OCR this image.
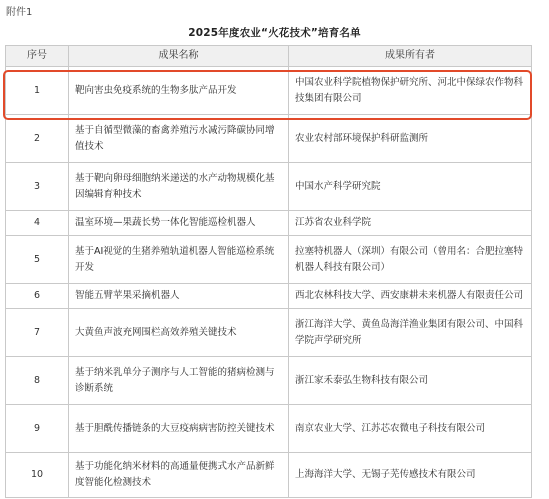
附件1
2025年度农业“火花技术”培育名单
序号	成果名称	成果所有者
1	靶向害虫免疫系统的生物多肽产品开发	中国农业科学院植物保护研究所、河北中保绿农作物科技集团有限公司
2	基于自循型微藻的畜禽养殖污水减污降碳协同增值技术	农业农村部环境保护科研监测所
3	基于靶向卵母细胞纳米递送的水产动物规模化基因编辑育种技术	中国水产科学研究院
4	温室环境—果蔬长势一体化智能巡检机器人	江苏省农业科学院
5	基于AI视觉的生猪养殖轨道机器人智能巡检系统开发	拉塞特机器人（深圳）有限公司（曾用名：合肥拉塞特机器人科技有限公司）
6	智能五臂苹果采摘机器人	西北农林科技大学、西安康耕未来机器人有限责任公司
7	大黄鱼声波充网围栏高效养殖关键技术	浙江海洋大学、黄鱼岛海洋渔业集团有限公司、中国科学院声学研究所
8	基于纳米乳单分子测序与人工智能的猪病检测与诊断系统	浙江家禾泰弘生物科技有限公司
9	基于胆酰传播链条的大豆疫病病害防控关键技术	南京农业大学、江苏芯农微电子科技有限公司
10	基于功能化纳米材料的高通量便携式水产品新鲜度智能化检测技术	上海海洋大学、无锡子芜传感技术有限公司
